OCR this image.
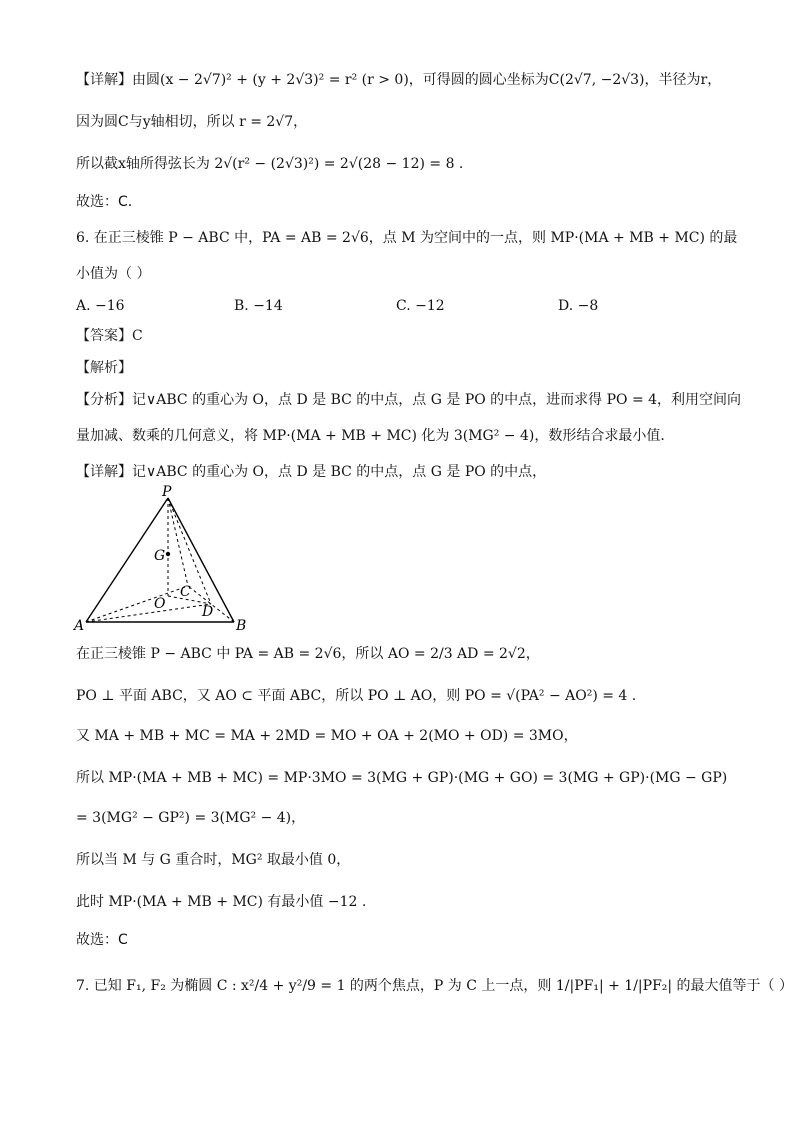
【详解】由圆(x − 2√7)² + (y + 2√3)² = r² (r > 0)，可得圆的圆心坐标为C(2√7, −2√3)，半径为r，
因为圆C与y轴相切，所以 r = 2√7，
所以截x轴所得弦长为 2√(r² − (2√3)²) = 2√(28 − 12) = 8 .
故选：C.
6. 在正三棱锥 P − ABC 中，PA = AB = 2√6，点 M 为空间中的一点，则 MP·(MA + MB + MC) 的最
小值为（ ）
A. −16	B. −14	C. −12	D. −8
【答案】C
【解析】
【分析】记∨ABC 的重心为 O，点 D 是 BC 的中点，点 G 是 PO 的中点，进而求得 PO = 4，利用空间向
量加减、数乘的几何意义，将 MP·(MA + MB + MC) 化为 3(MG² − 4)，数形结合求最小值.
【详解】记∨ABC 的重心为 O，点 D 是 BC 的中点，点 G 是 PO 的中点，
P
G
C
O	D
A	B
在正三棱锥 P − ABC 中 PA = AB = 2√6，所以 AO = 2/3 AD = 2√2，
PO ⊥ 平面 ABC，又 AO ⊂ 平面 ABC，所以 PO ⊥ AO，则 PO = √(PA² − AO²) = 4 .
又 MA + MB + MC = MA + 2MD = MO + OA + 2(MO + OD) = 3MO，
所以 MP·(MA + MB + MC) = MP·3MO = 3(MG + GP)·(MG + GO) = 3(MG + GP)·(MG − GP)
= 3(MG² − GP²) = 3(MG² − 4)，
所以当 M 与 G 重合时，MG² 取最小值 0，
此时 MP·(MA + MB + MC) 有最小值 −12 .
故选：C
7. 已知 F₁, F₂ 为椭圆 C : x²/4 + y²/9 = 1 的两个焦点，P 为 C 上一点，则 1/|PF₁| + 1/|PF₂| 的最大值等于（ ）
